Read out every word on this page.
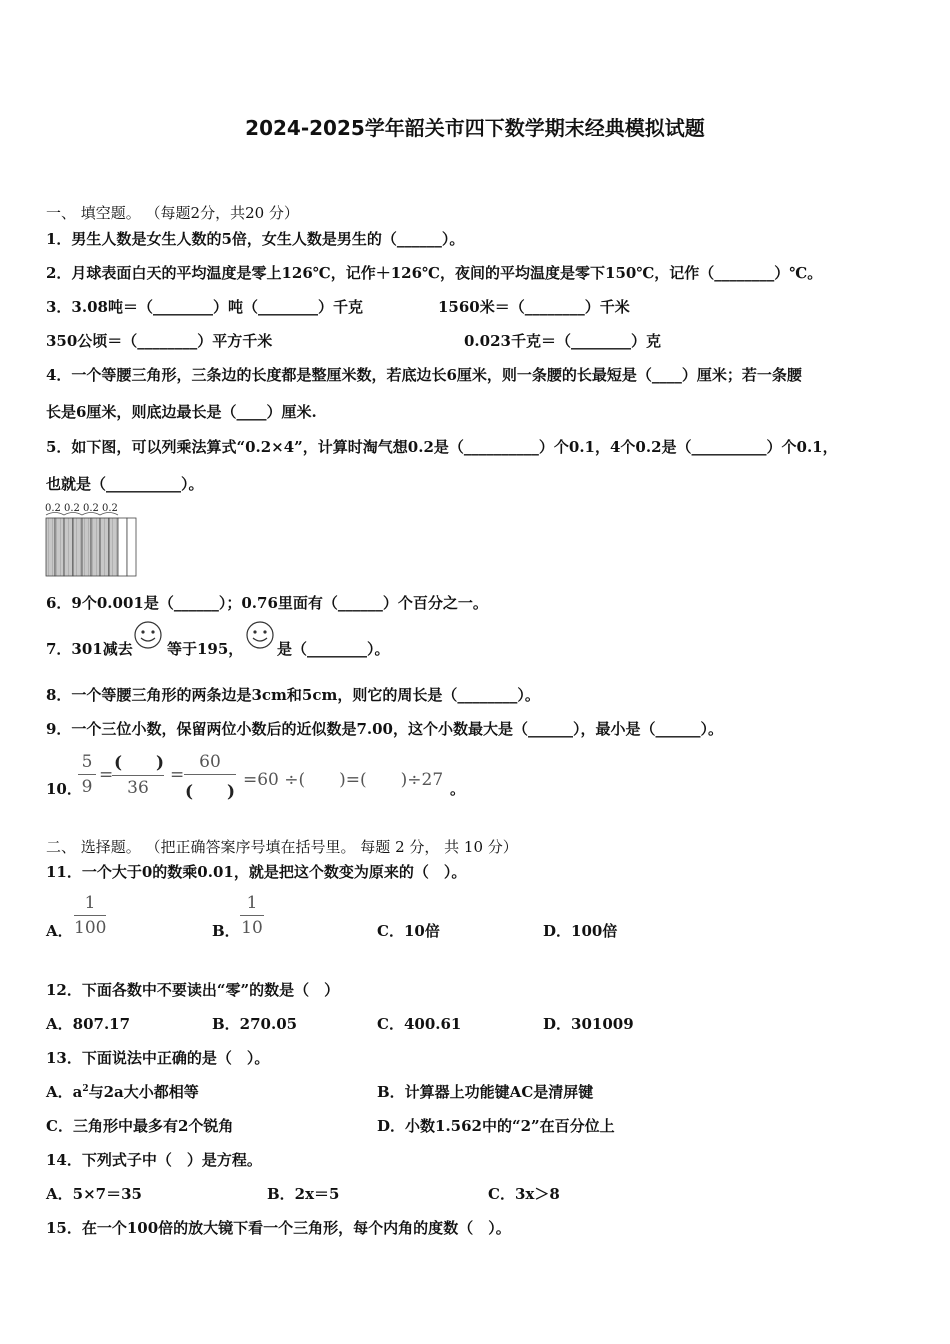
2024-2025学年韶关市四下数学期末经典模拟试题
一、 填空题。 （每题2分，共20 分）
1．男生人数是女生人数的5倍，女生人数是男生的（______）。
2．月球表面白天的平均温度是零上126℃，记作＋126℃，夜间的平均温度是零下150℃，记作（________）℃。
3．3.08吨＝（________）吨（________）千克	1560米＝（________）千米
350公顷＝（________）平方千米	0.023千克＝（________）克
4．一个等腰三角形，三条边的长度都是整厘米数，若底边长6厘米，则一条腰的长最短是（____）厘米；若一条腰
长是6厘米，则底边最长是（____）厘米.
5．如下图，可以列乘法算式“0.2×4”，计算时淘气想0.2是（__________）个0.1，4个0.2是（__________）个0.1，
也就是（__________）。
0.2 0.2 0.2 0.2
6．9个0.001是（______）；0.76里面有（______）个百分之一。
7．301减去 等于195， 是（________）。
8．一个等腰三角形的两条边是3cm和5cm，则它的周长是（________）。
9．一个三位小数，保留两位小数后的近似数是7.00，这个小数最大是（______），最小是（______）。
10．
5
9
=
(　　)
36
=
60
(　　)
=60 ÷(　　)=(　　)÷27 。
二、 选择题。 （把正确答案序号填在括号里。 每题 2 分， 共 10 分）
11．一个大于0的数乘0.01，就是把这个数变为原来的（　）。
A．
1
100	B．
1
10	C．10倍	D．100倍
12．下面各数中不要读出“零”的数是（　）
A．807.17	B．270.05	C．400.61	D．301009
13．下面说法中正确的是（　）。
A．$a^2$与2a大小都相等	B．计算器上功能键AC是清屏键
C．三角形中最多有2个锐角	D．小数1.562中的“2”在百分位上
14．下列式子中（　）是方程。
A．5×7＝35	B．2x＝5	C．3x＞8
15．在一个100倍的放大镜下看一个三角形，每个内角的度数（　）。
